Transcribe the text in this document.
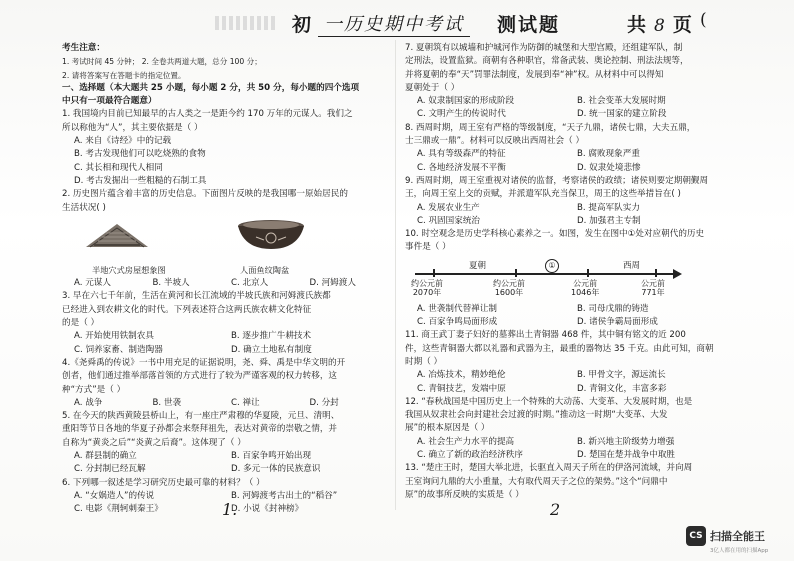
初 一历史期中考试	测试题	共 8 页 (
考生注意：
1. 考试时间 45 分钟； 2. 全卷共两道大题，总分 100 分；
2. 请将答案写在答题卡的指定位置。
一、选择题（本大题共 25 小题，每小题 2 分，共 50 分，每小题的四个选项
中只有一项最符合题意）
1. 我国境内目前已知最早的古人类之一是距今约 170 万年的元谋人。我们之
所以称他为“人”，其主要依据是（ ）
A. 来自《诗经》中的记载
B. 考古发现他们可以吃烧熟的食物
C. 其长相和现代人相同
D. 考古发掘出一些粗糙的石制工具
2. 历史图片蕴含着丰富的历史信息。下面图片反映的是我国哪一原始居民的
生活状况( )
半地穴式房屋想象图	人面鱼纹陶盆
A. 元谋人	B. 半坡人	C. 北京人	D. 河姆渡人
3. 早在六七千年前，生活在黄河和长江流域的半坡氏族和河姆渡氏族都
已经进入到农耕文化的时代。下列表述符合这两氏族农耕文化特征
的是（ ）
A. 开始使用铁制农具	B. 逐步推广牛耕技术
C. 饲养家畜、制造陶器	D. 确立土地私有制度
4.《尧舜禹的传说》一书中用充足的证据说明，尧、舜、禹是中华文明的开
创者，他们通过推举部落首领的方式进行了较为严谨客观的权力转移，这
种“方式”是（ ）
A. 战争	B. 世袭	C. 禅让	D. 分封
5. 在今天的陕西黄陵县桥山上，有一座庄严肃穆的华夏陵，元旦、清明、
重阳等节日各地的华夏子孙都会来祭拜祖先，表达对黄帝的崇敬之情，并
自称为“黄炎之后”“炎黄之后裔”。这体现了（ ）
A. 群县制的确立	B. 百家争鸣开始出现
C. 分封制已经瓦解	D. 多元一体的民族意识
6. 下列哪一叙述是学习研究历史最可靠的材料？（ ）
A. “女娲造人”的传说	B. 河姆渡考古出土的“稻谷”
C. 电影《荆轲刺秦王》	D. 小说《封神榜》
7. 夏朝筑有以城墙和护城河作为防御的城堡和大型宫殿，还组建军队，制
定刑法，设置监狱。商朝有各种职官，常备武装、奥论控制、刑法法规等，
并将夏朝的奉“天”罚罪法制度，发展到奉“神”权。从材料中可以得知
夏朝处于（ ）
A. 奴隶制国家的形成阶段	B. 社会变革大发展时期
C. 文明产生的传说时代	D. 统一国家的建立阶段
8. 西周时期，周王室有严格的等级制度，“天子九鼎，诸侯七鼎，大夫五鼎，
士三鼎或一鼎”。材料可以反映出西周社会（ ）
A. 具有等级森严的特征	B. 腐败现象严重
C. 各地经济发展不平衡	D. 奴隶处境悲惨
9. 西周时期，周王室重视对诸侯的监督，考察诸侯的政绩；诸侯则要定期朝觐周
王，向周王室上交的贡赋，并派遣军队充当保卫，周王的这些举措旨在( )
A. 发展农业生产	B. 提高军队实力
C. 巩固国家统治	D. 加强君主专制
10. 时空观念是历史学科核心素养之一。如图，发生在图中①处对应朝代的历史
事件是（ ）
夏朝	①	西周
约公元前
2070年
约公元前
1600年
公元前
1046年
公元前
771年
A. 世袭制代替禅让制	B. 司母戊鼎的铸造
C. 百家争鸣局面形成	D. 诸侯争霸局面形成
11. 商王武丁妻子妇好的墓葬出土青铜器 468 件，其中铜有铭文的近 200
件，这些青铜器大都以礼器和武器为主，最重的器物达 35 千克。由此可知，商朝
时期（ ）
A. 冶炼技术，精妙绝伦	B. 甲骨文字，源远流长
C. 青铜技艺，发端中原	D. 青铜文化，丰富多彩
12. “春秋战国是中国历史上一个特殊的大动荡、大变革、大发展时期，也是
我国从奴隶社会向封建社会过渡的时期。”推动这一时期“大变革、大发
展”的根本原因是（ ）
A. 社会生产力水平的提高	B. 新兴地主阶级势力增强
C. 确立了新的政治经济秩序	D. 楚国在楚并战争中取胜
13. “楚庄王时，楚国大举北进，长驱直入周天子所在的伊洛河流域，并向周
王室询问九鼎的大小重量，大有取代周天子之位的架势。”这个“问鼎中
原”的故事所反映的实质是（ ）
1.	2
CS 扫描全能王
3亿人都在用的扫描App
